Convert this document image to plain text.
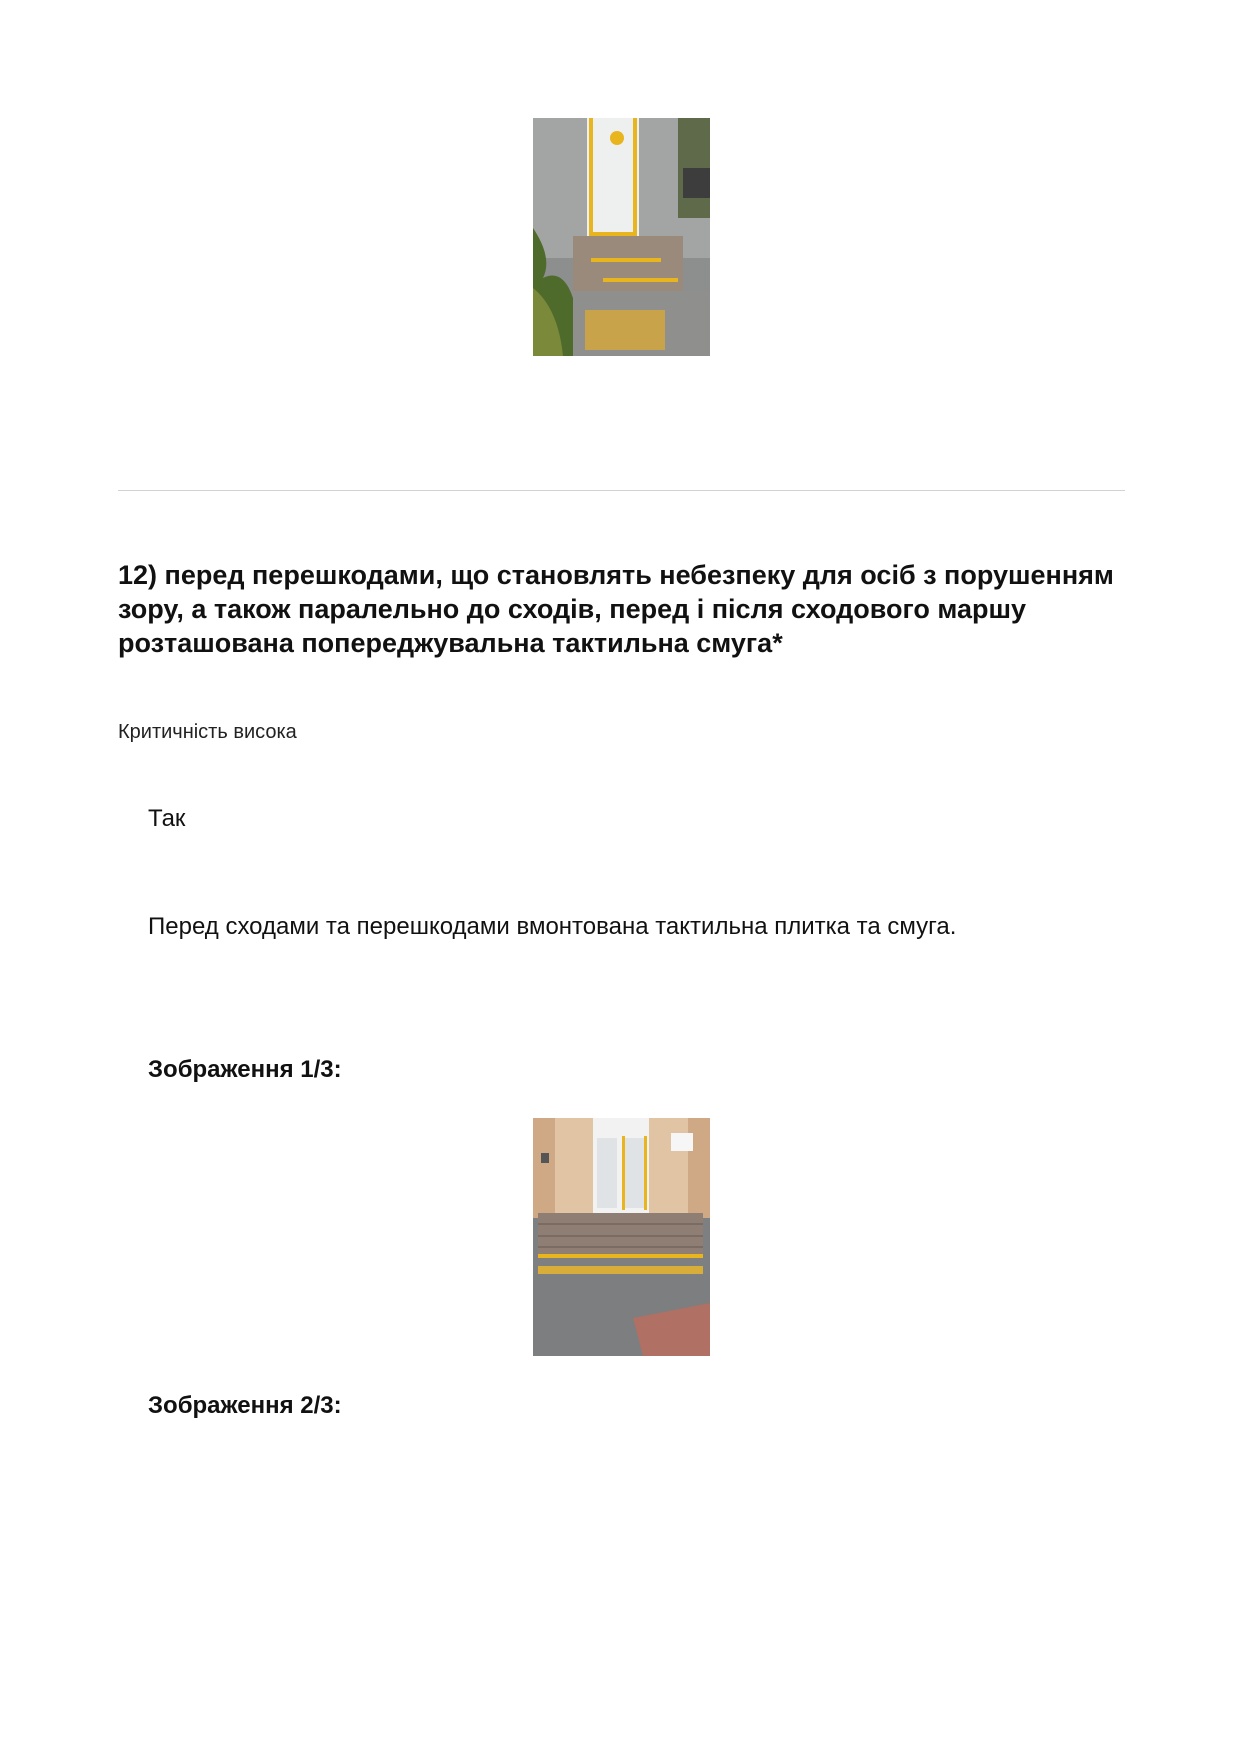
12) перед перешкодами, що становлять небезпеку для осіб з порушенням зору, а також паралельно до сходів, перед і після сходового маршу розташована попереджувальна тактильна смуга*
Критичність висока
Так
Перед сходами та перешкодами вмонтована тактильна плитка та смуга.
Зображення 1/3:
Зображення 2/3:
